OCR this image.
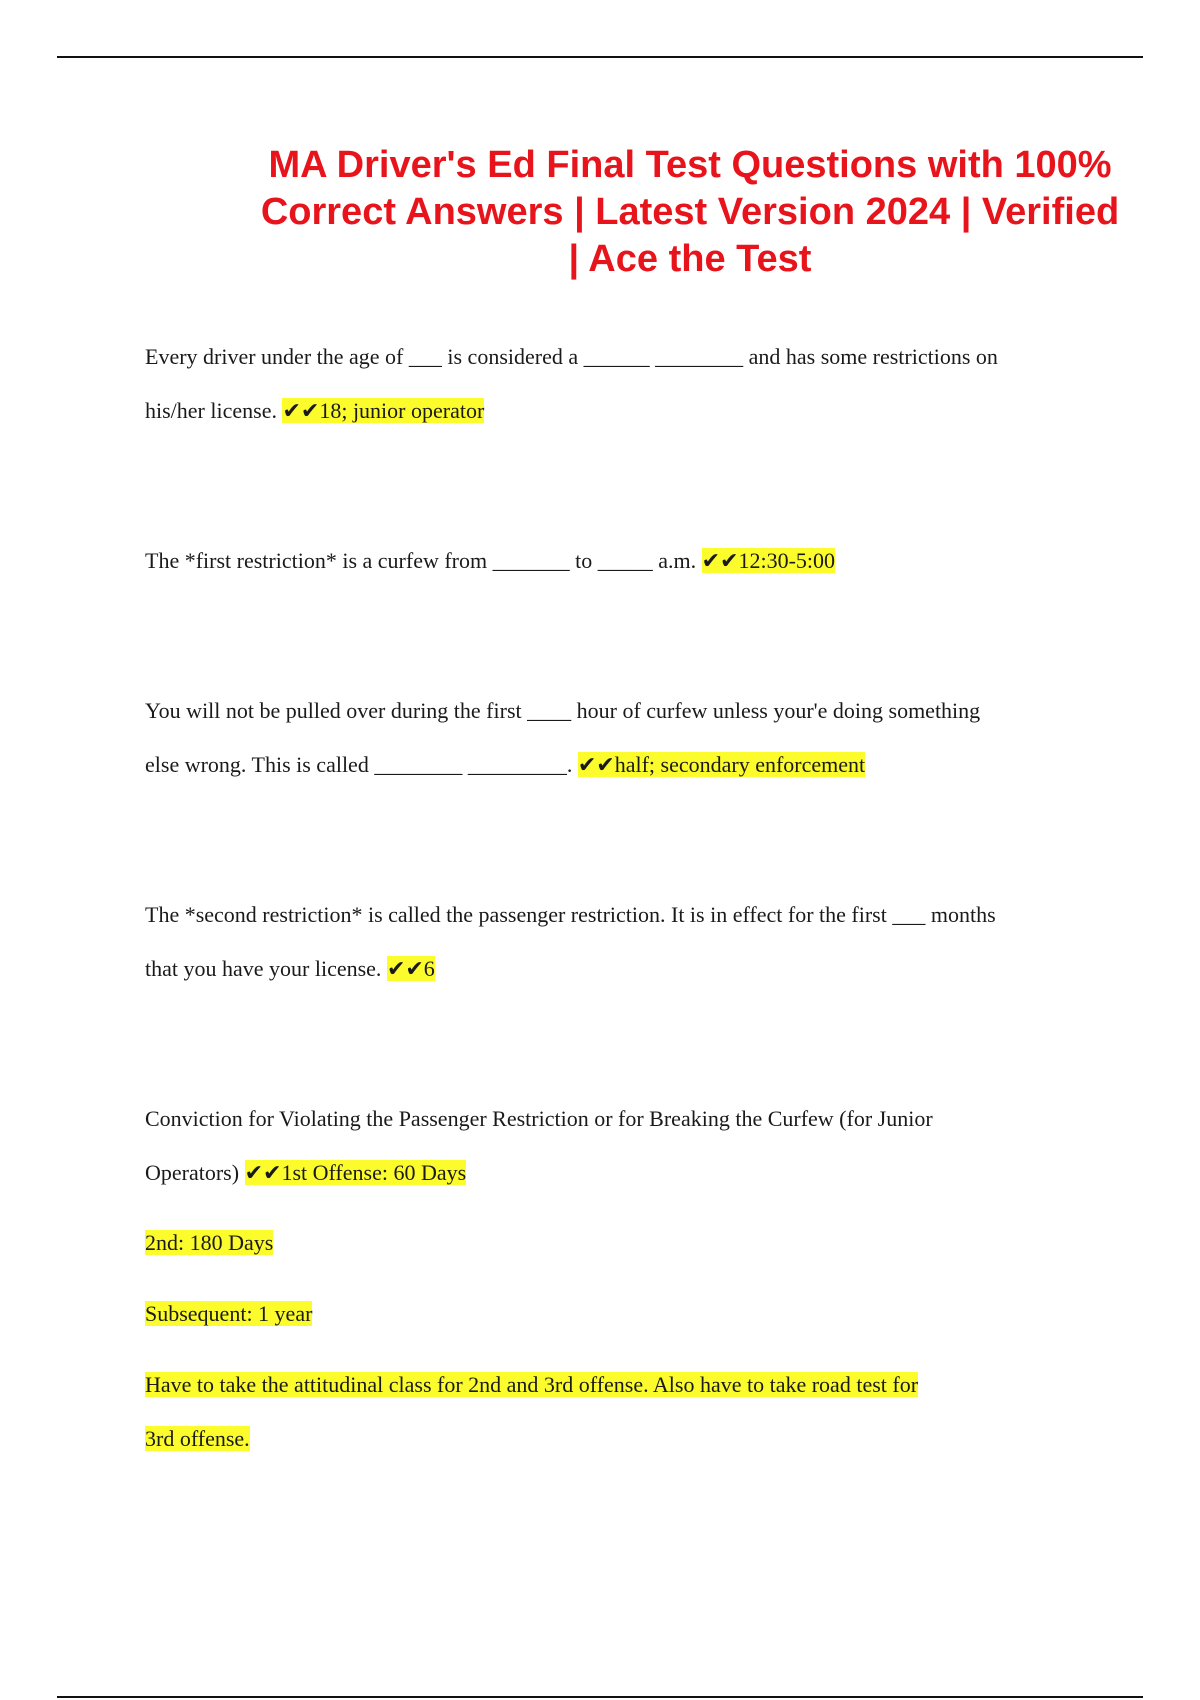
MA Driver's Ed Final Test Questions with 100% Correct Answers | Latest Version 2024 | Verified | Ace the Test

Every driver under the age of ___ is considered a ______ ________ and has some restrictions on
his/her license. ✔✔18; junior operator

The *first restriction* is a curfew from _______ to _____ a.m. ✔✔12:30-5:00

You will not be pulled over during the first ____ hour of curfew unless your'e doing something
else wrong. This is called ________ _________. ✔✔half; secondary enforcement

The *second restriction* is called the passenger restriction. It is in effect for the first ___ months
that you have your license. ✔✔6

Conviction for Violating the Passenger Restriction or for Breaking the Curfew (for Junior
Operators) ✔✔1st Offense: 60 Days

2nd: 180 Days

Subsequent: 1 year

Have to take the attitudinal class for 2nd and 3rd offense. Also have to take road test for
3rd offense.
